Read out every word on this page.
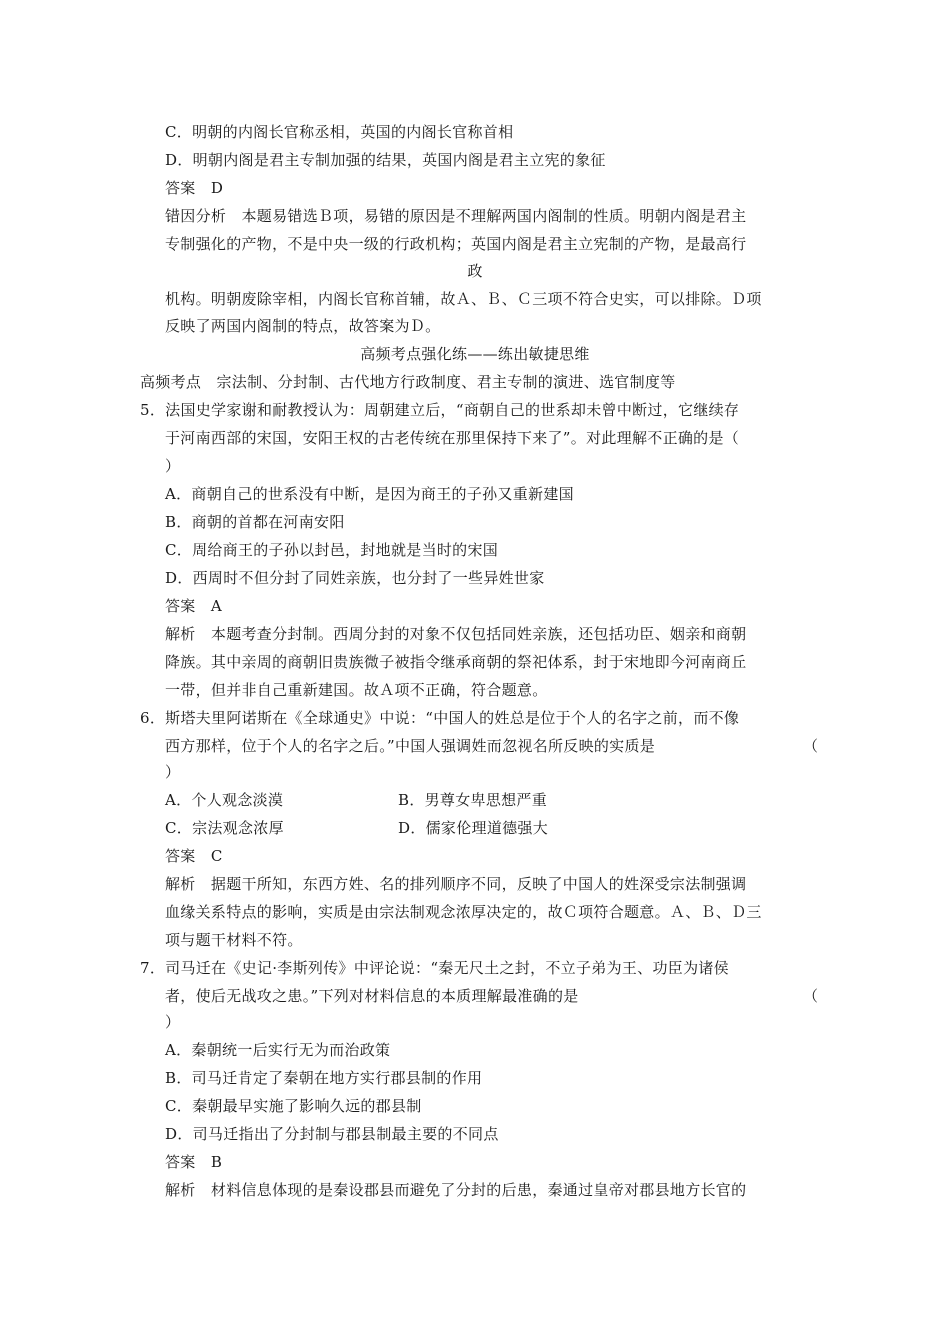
C．明朝的内阁长官称丞相，英国的内阁长官称首相
D．明朝内阁是君主专制加强的结果，英国内阁是君主立宪的象征
答案　D
错因分析　本题易错选Ｂ项，易错的原因是不理解两国内阁制的性质。明朝内阁是君主
专制强化的产物，不是中央一级的行政机构；英国内阁是君主立宪制的产物，是最高行
政
机构。明朝废除宰相，内阁长官称首辅，故Ａ、Ｂ、Ｃ三项不符合史实，可以排除。Ｄ项
反映了两国内阁制的特点，故答案为Ｄ。
高频考点强化练——练出敏捷思维
高频考点　宗法制、分封制、古代地方行政制度、君主专制的演进、选官制度等
5．法国史学家谢和耐教授认为：周朝建立后，“商朝自己的世系却未曾中断过，它继续存
于河南西部的宋国，安阳王权的古老传统在那里保持下来了”。对此理解不正确的是（
）
A．商朝自己的世系没有中断，是因为商王的子孙又重新建国
B．商朝的首都在河南安阳
C．周给商王的子孙以封邑，封地就是当时的宋国
D．西周时不但分封了同姓亲族，也分封了一些异姓世家
答案　A
解析　本题考查分封制。西周分封的对象不仅包括同姓亲族，还包括功臣、姻亲和商朝
降族。其中亲周的商朝旧贵族微子被指令继承商朝的祭祀体系，封于宋地即今河南商丘
一带，但并非自己重新建国。故Ａ项不正确，符合题意。
6．斯塔夫里阿诺斯在《全球通史》中说：“中国人的姓总是位于个人的名字之前，而不像
西方那样，位于个人的名字之后。”中国人强调姓而忽视名所反映的实质是	（
）
A．个人观念淡漠	B．男尊女卑思想严重
C．宗法观念浓厚	D．儒家伦理道德强大
答案　C
解析　据题干所知，东西方姓、名的排列顺序不同，反映了中国人的姓深受宗法制强调
血缘关系特点的影响，实质是由宗法制观念浓厚决定的，故Ｃ项符合题意。Ａ、Ｂ、Ｄ三
项与题干材料不符。
7．司马迁在《史记·李斯列传》中评论说：“秦无尺土之封，不立子弟为王、功臣为诸侯
者，使后无战攻之患。”下列对材料信息的本质理解最准确的是	（
）
A．秦朝统一后实行无为而治政策
B．司马迁肯定了秦朝在地方实行郡县制的作用
C．秦朝最早实施了影响久远的郡县制
D．司马迁指出了分封制与郡县制最主要的不同点
答案　B
解析　材料信息体现的是秦设郡县而避免了分封的后患，秦通过皇帝对郡县地方长官的
